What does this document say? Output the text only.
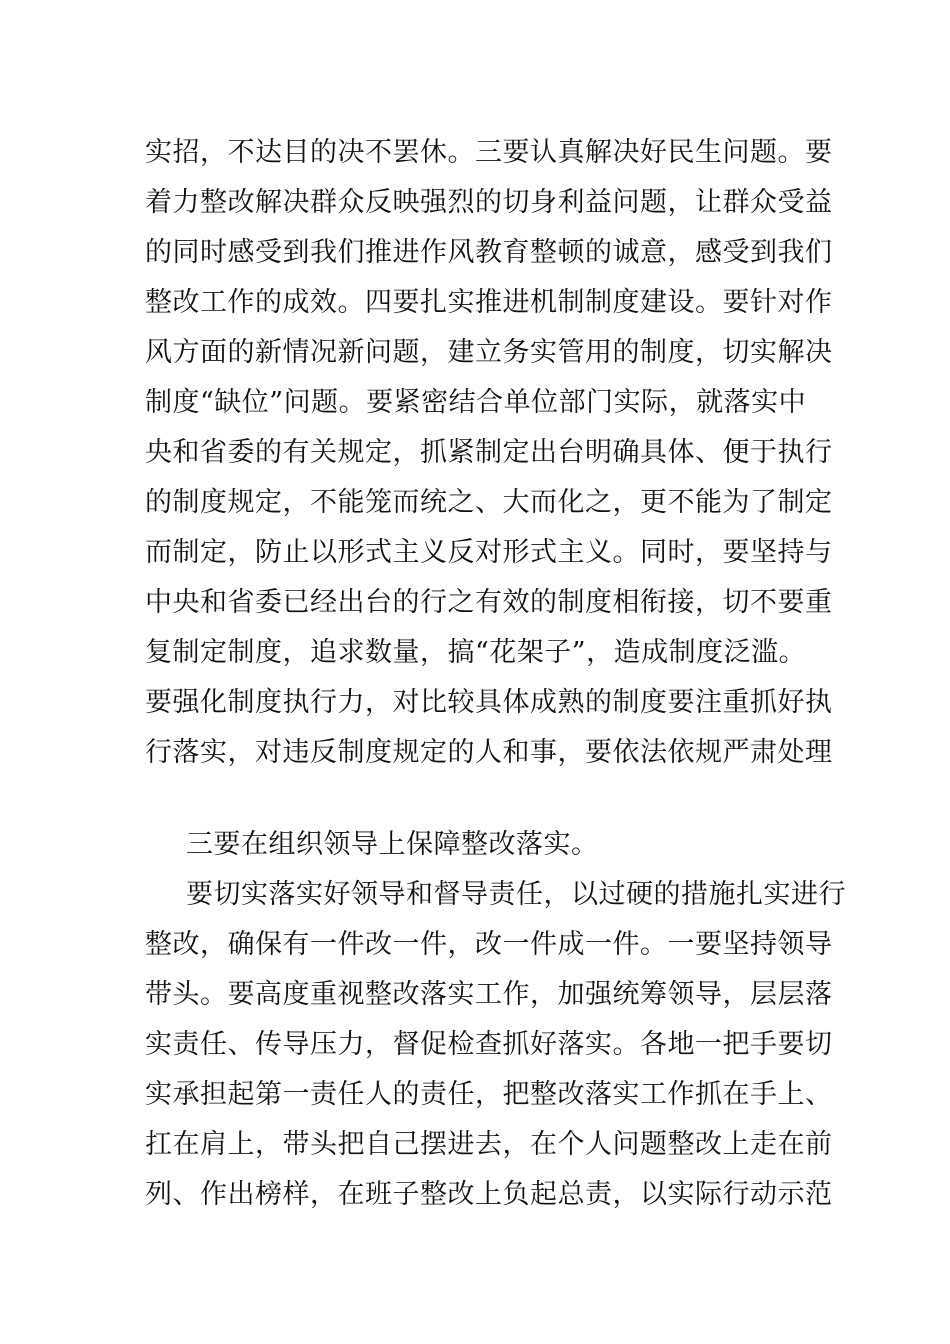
实招，不达目的决不罢休。三要认真解决好民生问题。要
着力整改解决群众反映强烈的切身利益问题，让群众受益
的同时感受到我们推进作风教育整顿的诚意，感受到我们
整改工作的成效。四要扎实推进机制制度建设。要针对作
风方面的新情况新问题，建立务实管用的制度，切实解决
制度“缺位”问题。要紧密结合单位部门实际，就落实中
央和省委的有关规定，抓紧制定出台明确具体、便于执行
的制度规定，不能笼而统之、大而化之，更不能为了制定
而制定，防止以形式主义反对形式主义。同时，要坚持与
中央和省委已经出台的行之有效的制度相衔接，切不要重
复制定制度，追求数量，搞“花架子”，造成制度泛滥。
要强化制度执行力，对比较具体成熟的制度要注重抓好执
行落实，对违反制度规定的人和事，要依法依规严肃处理
三要在组织领导上保障整改落实。
要切实落实好领导和督导责任，以过硬的措施扎实进行
整改，确保有一件改一件，改一件成一件。一要坚持领导
带头。要高度重视整改落实工作，加强统筹领导，层层落
实责任、传导压力，督促检查抓好落实。各地一把手要切
实承担起第一责任人的责任，把整改落实工作抓在手上、
扛在肩上，带头把自己摆进去，在个人问题整改上走在前
列、作出榜样，在班子整改上负起总责，以实际行动示范
